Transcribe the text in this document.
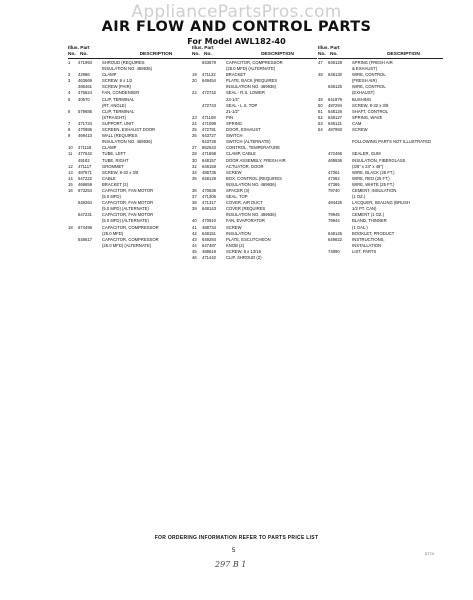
AppliancePartsPros.com
AIR FLOW AND CONTROL PARTS
For Model AWL182-40
Illus. Part
No. No.	DESCRIPTION
1	471993	SHROUD (REQUIRES
INSULATION NO. 469936)
2	42986	CLAMP
3	463669	SCREW, 8 x 1/2
486461	SCREW (PAIR)
4	476624	FAN, CONDENSER
5	40570	CLIP, TERMINAL
(RT. ANGLE)
6	579685	CLIP, TERMINAL
(STRAIGHT)
7	471734	SUPPORT, UNIT
8	470986	SCREEN, EXHAUST DOOR
9	469410	WALL (REQUIRES
INSULATION NO. 469936)
10	471118	CLAMP
11	477642	TUBE, LEFT
49182	TUBE, RIGHT
12	471117	GROMMET
13	487871	SCREW, 8-32 x 3/8
14	647222	CABLE
15	469659	BRACKET (2)
16	673254	CAPACITOR, FAN MOTOR
(5.0 MFD)
649264	CAPACITOR, FAN MOTOR
(5.0 MFD) (ALTERNATE)
647231	CAPACITOR, FAN MOTOR
(5.0 MFD) (ALTERNATE)
18	674498	CAPACITOR, COMPRESSOR
(25.0 MFD)
648617	CAPACITOR, COMPRESSOR
(25.0 MFD) (ALTERNATE)
Illus. Part
No. No.	DESCRIPTION
643679	CAPACITOR, COMPRESSOR
(25.0 MFD) (ALTERNATE)
19	471132	BRACKET
20	649454	PLATE, BACK (REQUIRES
INSULATION NO. 469936)
22	472742	SEAL - R.S. LOWER
23-1/2"
472743	SEAL - L.S. TOP
21-1/2"
23	471108	PIN
24	471099	SPRING
25	472781	DOOR, EXHAUST
26	643727	SWITCH
643728	SWITCH (ALTERNATE)
27	852543	CONTROL, TEMPERATURE
28	471568	CLAMP, CABLE
30	648157	DOOR ASSEMBLY, FRESH AIR
32	648158	ACTUATOR, DOOR
34	488735	SCREW
35	648129	BOX, CONTROL (REQUIRES
INSULATION NO. 469936)
36	470636	SPACER (3)
37	471306	SEAL, TOP
38	471317	COVER, AIR DUCT
39	648143	COVER (REQUIRES
INSULATION NO. 469936)
40	470910	FAN, EVAPORATOR
41	488734	SCREW
42	648151	INSULATION
43	649284	PLATE, ESCUTCHEON
44	647487	KNOB (2)
45	488618	SCREW, 8 x 13/16
46	471442	CLIP, SHROUD (2)
Illus. Part
No. No.	DESCRIPTION
47	649128	SPRING (FRESH AIR
& EXHAUST)
48	648130	WIRE, CONTROL
(FRESH AIR)
648125	WIRE, CONTROL
(EXHAUST)
49	641879	BUSHING
50	487294	SCREW, 8-32 x 3/8
51	648126	SHAFT, CONTROL
52	648127	SPRING, WAVE
53	648121	CAM
54	487993	SCREW
FOLLOWING PARTS NOT ILLUSTRATED
472466	SEALER, GUM
469936	INSULATION, FIBERGLASS
(3/8" x 24" x 48")
47361	WIRE, BLACK (25 FT.)
47362	WIRE, RED (25 FT.)
47365	WIRE, WHITE (25 FT.)
79740	CEMENT, INSULATION
(1 OZ.)
484426	LACQUER, SEALING (BRUSH
1/2 PT. CAN)
79945	CEMENT (1 OZ.)
79944	BLAND, THINNER
(1 GAL.)
648145	BOOKLET, PRODUCT
649822	INSTRUCTIONS,
INSTALLATION
74890	LIST, PARTS
FOR ORDERING INFORMATION REFER TO PARTS PRICE LIST
5
297 B 1
0774
